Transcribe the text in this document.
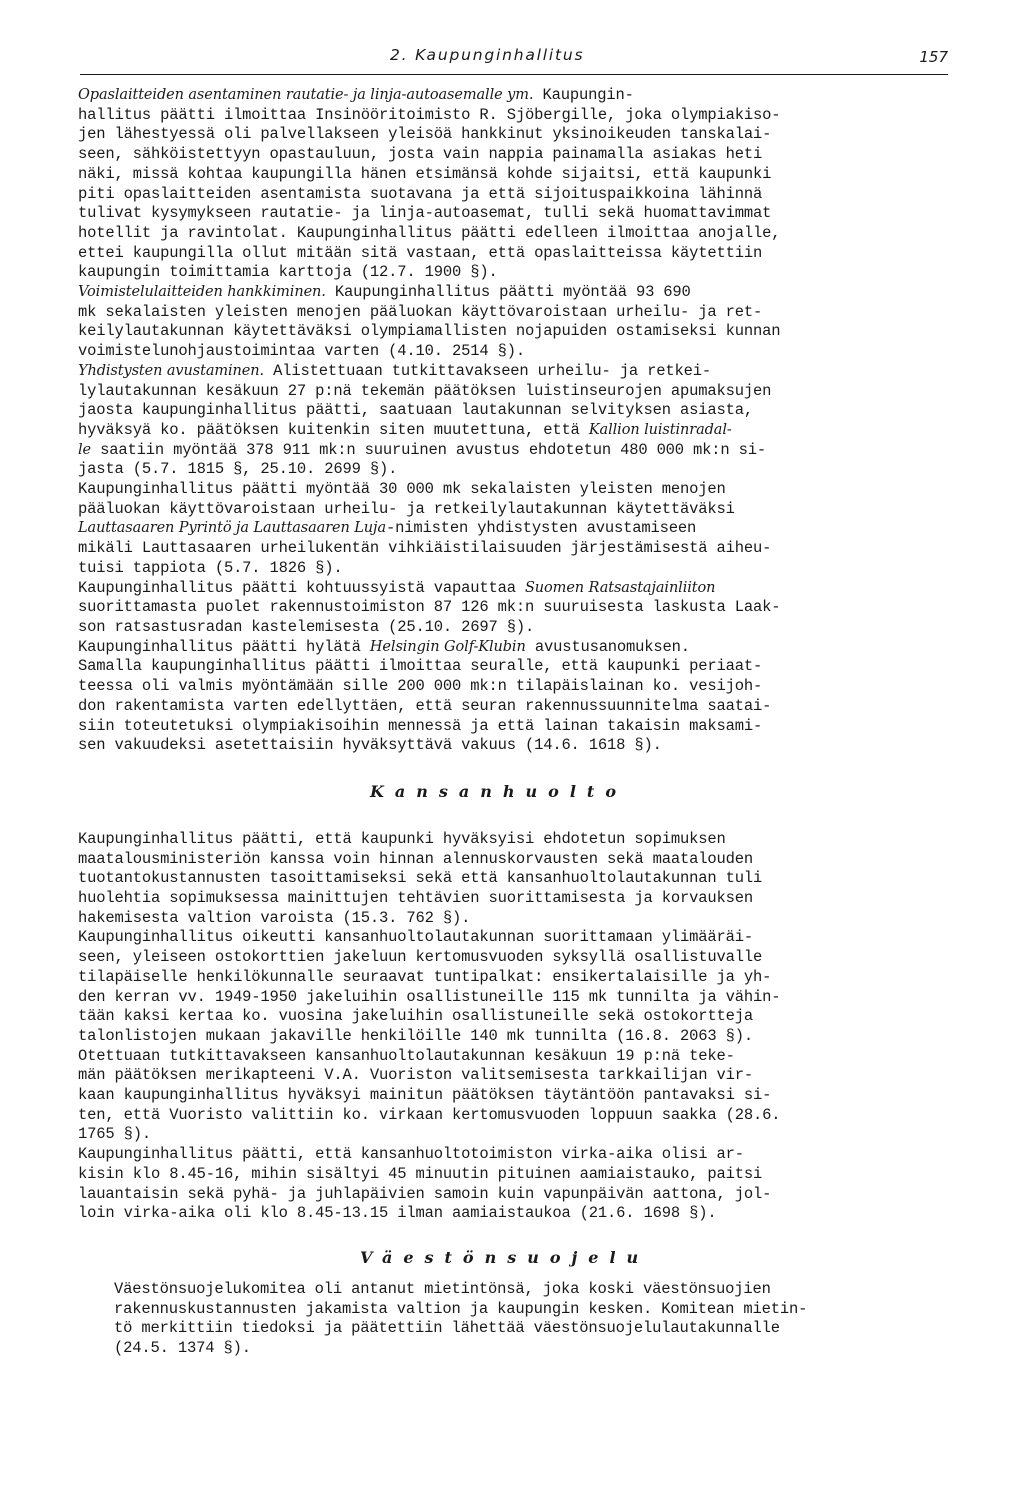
2. Kaupunginhallitus	157
Opaslaitteiden asentaminen rautatie- ja linja-autoasemalle ym. Kaupungin-
hallitus päätti ilmoittaa Insinööritoimisto R. Sjöbergille, joka olympiakiso-
jen lähestyessä oli palvellakseen yleisöä hankkinut yksinoikeuden tanskalai-
seen, sähköistettyyn opastauluun, josta vain nappia painamalla asiakas heti
näki, missä kohtaa kaupungilla hänen etsimänsä kohde sijaitsi, että kaupunki
piti opaslaitteiden asentamista suotavana ja että sijoituspaikkoina lähinnä
tulivat kysymykseen rautatie- ja linja-autoasemat, tulli sekä huomattavimmat
hotellit ja ravintolat. Kaupunginhallitus päätti edelleen ilmoittaa anojalle,
ettei kaupungilla ollut mitään sitä vastaan, että opaslaitteissa käytettiin
kaupungin toimittamia karttoja (12.7. 1900 §).
Voimistelulaitteiden hankkiminen. Kaupunginhallitus päätti myöntää 93 690
mk sekalaisten yleisten menojen pääluokan käyttövaroistaan urheilu- ja ret-
keilylautakunnan käytettäväksi olympiamallisten nojapuiden ostamiseksi kunnan
voimistelunohjaustoimintaa varten (4.10. 2514 §).
Yhdistysten avustaminen. Alistettuaan tutkittavakseen urheilu- ja retkei-
lylautakunnan kesäkuun 27 p:nä tekemän päätöksen luistinseurojen apumaksujen
jaosta kaupunginhallitus päätti, saatuaan lautakunnan selvityksen asiasta,
hyväksyä ko. päätöksen kuitenkin siten muutettuna, että Kallion luistinradal-
le saatiin myöntää 378 911 mk:n suuruinen avustus ehdotetun 480 000 mk:n si-
jasta (5.7. 1815 §, 25.10. 2699 §).
Kaupunginhallitus päätti myöntää 30 000 mk sekalaisten yleisten menojen
pääluokan käyttövaroistaan urheilu- ja retkeilylautakunnan käytettäväksi
Lauttasaaren Pyrintö ja Lauttasaaren Luja-nimisten yhdistysten avustamiseen
mikäli Lauttasaaren urheilukentän vihkiäistilaisuuden järjestämisestä aiheu-
tuisi tappiota (5.7. 1826 §).
Kaupunginhallitus päätti kohtuussyistä vapauttaa Suomen Ratsastajainliiton
suorittamasta puolet rakennustoimiston 87 126 mk:n suuruisesta laskusta Laak-
son ratsastusradan kastelemisesta (25.10. 2697 §).
Kaupunginhallitus päätti hylätä Helsingin Golf-Klubin avustusanomuksen.
Samalla kaupunginhallitus päätti ilmoittaa seuralle, että kaupunki periaat-
teessa oli valmis myöntämään sille 200 000 mk:n tilapäislainan ko. vesijoh-
don rakentamista varten edellyttäen, että seuran rakennussuunnitelma saatai-
siin toteutetuksi olympiakisoihin mennessä ja että lainan takaisin maksami-
sen vakuudeksi asetettaisiin hyväksyttävä vakuus (14.6. 1618 §).
Kansanhuolto
Kaupunginhallitus päätti, että kaupunki hyväksyisi ehdotetun sopimuksen
maatalousministeriön kanssa voin hinnan alennuskorvausten sekä maatalouden
tuotantokustannusten tasoittamiseksi sekä että kansanhuoltolautakunnan tuli
huolehtia sopimuksessa mainittujen tehtävien suorittamisesta ja korvauksen
hakemisesta valtion varoista (15.3. 762 §).
Kaupunginhallitus oikeutti kansanhuoltolautakunnan suorittamaan ylimääräi-
seen, yleiseen ostokorttien jakeluun kertomusvuoden syksyllä osallistuvalle
tilapäiselle henkilökunnalle seuraavat tuntipalkat: ensikertalaisille ja yh-
den kerran vv. 1949-1950 jakeluihin osallistuneille 115 mk tunnilta ja vähin-
tään kaksi kertaa ko. vuosina jakeluihin osallistuneille sekä ostokortteja
talonlistojen mukaan jakaville henkilöille 140 mk tunnilta (16.8. 2063 §).
Otettuaan tutkittavakseen kansanhuoltolautakunnan kesäkuun 19 p:nä teke-
män päätöksen merikapteeni V.A. Vuoriston valitsemisesta tarkkailijan vir-
kaan kaupunginhallitus hyväksyi mainitun päätöksen täytäntöön pantavaksi si-
ten, että Vuoristo valittiin ko. virkaan kertomusvuoden loppuun saakka (28.6.
1765 §).
Kaupunginhallitus päätti, että kansanhuoltotoimiston virka-aika olisi ar-
kisin klo 8.45-16, mihin sisältyi 45 minuutin pituinen aamiaistauko, paitsi
lauantaisin sekä pyhä- ja juhlapäivien samoin kuin vapunpäivän aattona, jol-
loin virka-aika oli klo 8.45-13.15 ilman aamiaistaukoa (21.6. 1698 §).
Väestönsuojelu
Väestönsuojelukomitea oli antanut mietintönsä, joka koski väestönsuojien
rakennuskustannusten jakamista valtion ja kaupungin kesken. Komitean mietin-
tö merkittiin tiedoksi ja päätettiin lähettää väestönsuojelulautakunnalle
(24.5. 1374 §).
